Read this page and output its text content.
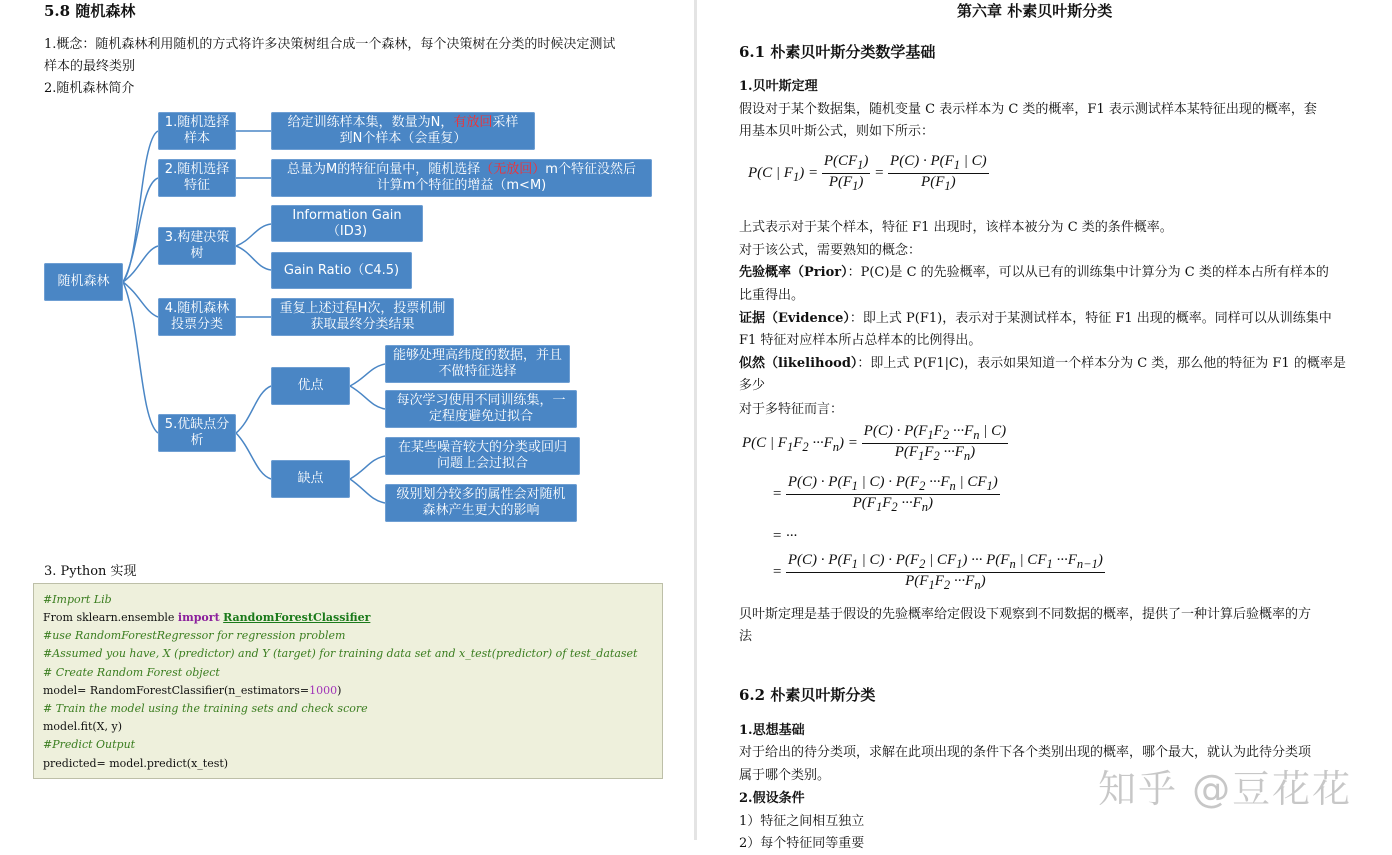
5.8 随机森林
1.概念：随机森林利用随机的方式将许多决策树组合成一个森林，每个决策树在分类的时候决定测试
样本的最终类别
2.随机森林简介
随机森林
1.随机选择
样本
给定训练样本集，数量为N，有放回采样
到N个样本（会重复）
2.随机选择
特征
总量为M的特征向量中，随机选择（无放回）m个特征没然后
计算m个特征的增益（m<M)
3.构建决策
树
Information Gain（ID3)
Gain Ratio（C4.5)
4.随机森林
投票分类
重复上述过程H次，投票机制
获取最终分类结果
5.优缺点分
析
优点
缺点
能够处理高纬度的数据，并且
不做特征选择
每次学习使用不同训练集，一
定程度避免过拟合
在某些噪音较大的分类或回归
问题上会过拟合
级别划分较多的属性会对随机
森林产生更大的影响
3. Python 实现
#Import Lib
From sklearn.ensemble import RandomForestClassifier
#use RandomForestRegressor for regression problem
#Assumed you have, X (predictor) and Y (target) for training data set and x_test(predictor) of test_dataset
# Create Random Forest object
model= RandomForestClassifier(n_estimators=1000)
# Train the model using the training sets and check score
model.fit(X, y)
#Predict Output
predicted= model.predict(x_test)
第六章 朴素贝叶斯分类
6.1 朴素贝叶斯分类数学基础
1.贝叶斯定理
假设对于某个数据集，随机变量 C 表示样本为 C 类的概率，F1 表示测试样本某特征出现的概率，套
用基本贝叶斯公式，则如下所示：
P(C | $F_1) = \frac{P(CF_1)}{P(F_1)} = \frac{P(C) \cdot P(F_1 | C)}{P(F_1)}$
上式表示对于某个样本，特征 F1 出现时，该样本被分为 C 类的条件概率。
对于该公式，需要熟知的概念：
先验概率（Prior）：P(C)是 C 的先验概率，可以从已有的训练集中计算分为 C 类的样本占所有样本的
比重得出。
证据（Evidence）：即上式 P(F1)，表示对于某测试样本，特征 F1 出现的概率。同样可以从训练集中
F1 特征对应样本所占总样本的比例得出。
似然（likelihood）：即上式 P(F1|C)，表示如果知道一个样本分为 C 类，那么他的特征为 F1 的概率是
多少
对于多特征而言：
P(C | $F_1F_2 \cdot\cdot\cdot F_n) = \frac{P(C) \cdot P(F_1F_2 \cdot\cdot\cdot F_n | C)}{P(F_1F_2 \cdot\cdot\cdot F_n)}$
= $\frac{P(C) \cdot P(F_1 | C) \cdot P(F_2 \cdot\cdot\cdot F_n | CF_1)}{P(F_1F_2 \cdot\cdot\cdot F_n)}$
= ···
= $\frac{P(C) \cdot P(F_1 | C) \cdot P(F_2 | CF_1) \cdot\cdot\cdot P(F_n | CF_1 \cdot\cdot\cdot F_{n-1})}{P(F_1F_2 \cdot\cdot\cdot F_n)}$
贝叶斯定理是基于假设的先验概率给定假设下观察到不同数据的概率，提供了一种计算后验概率的方
法
6.2 朴素贝叶斯分类
1.思想基础
对于给出的待分类项，求解在此项出现的条件下各个类别出现的概率，哪个最大，就认为此待分类项
属于哪个类别。
2.假设条件
1）特征之间相互独立
2）每个特征同等重要
知乎 @豆花花
